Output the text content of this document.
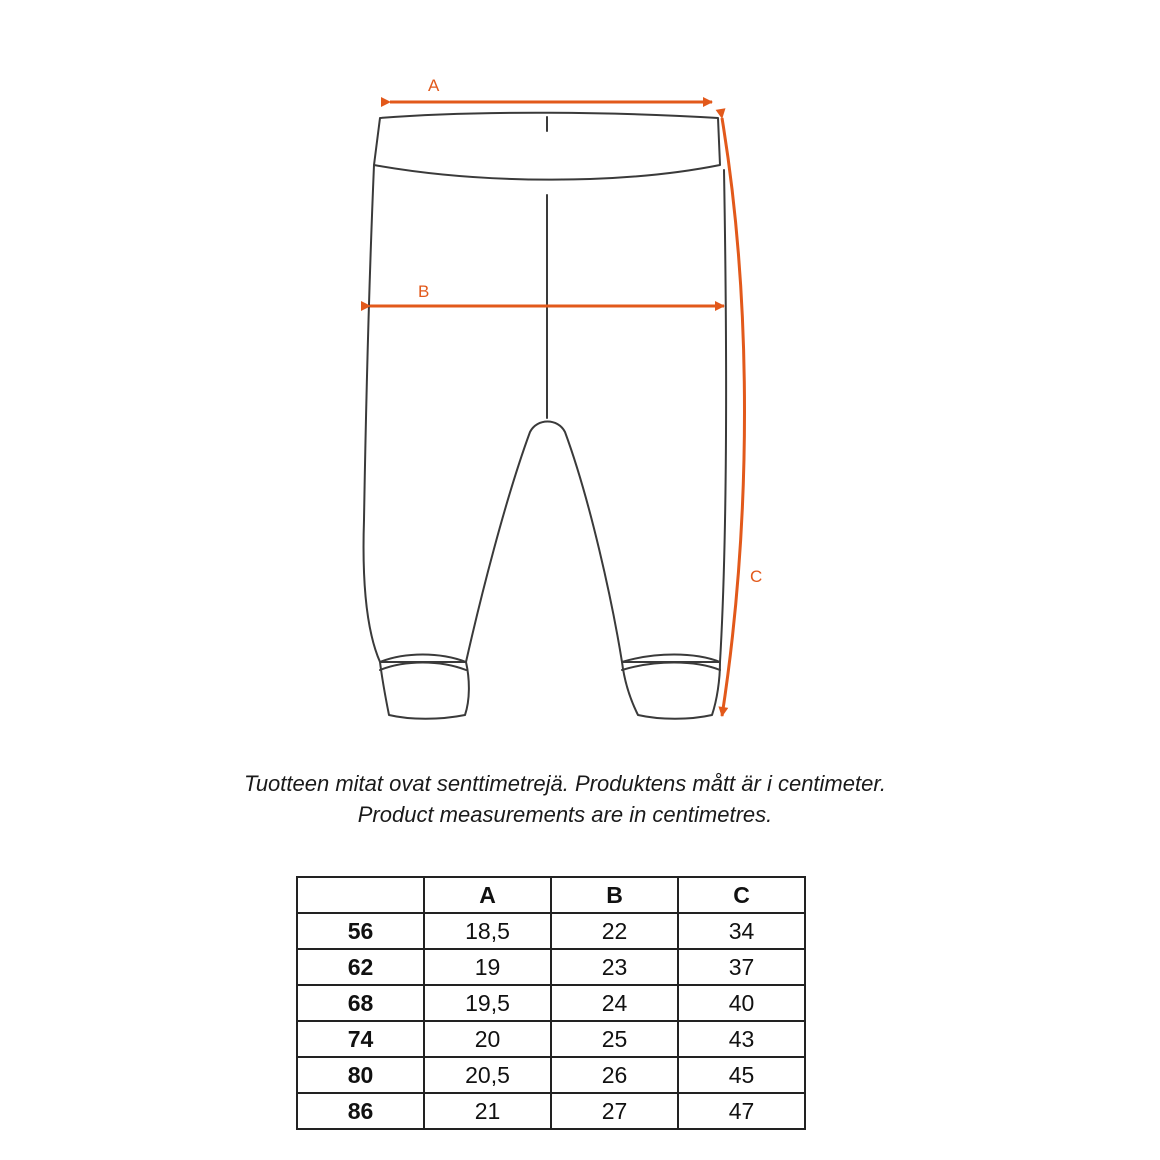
A
B
C
Tuotteen mitat ovat senttimetrejä. Produktens mått är i centimeter.
Product measurements are in centimetres.
	A	B	C
56	18,5	22	34
62	19	23	37
68	19,5	24	40
74	20	25	43
80	20,5	26	45
86	21	27	47
